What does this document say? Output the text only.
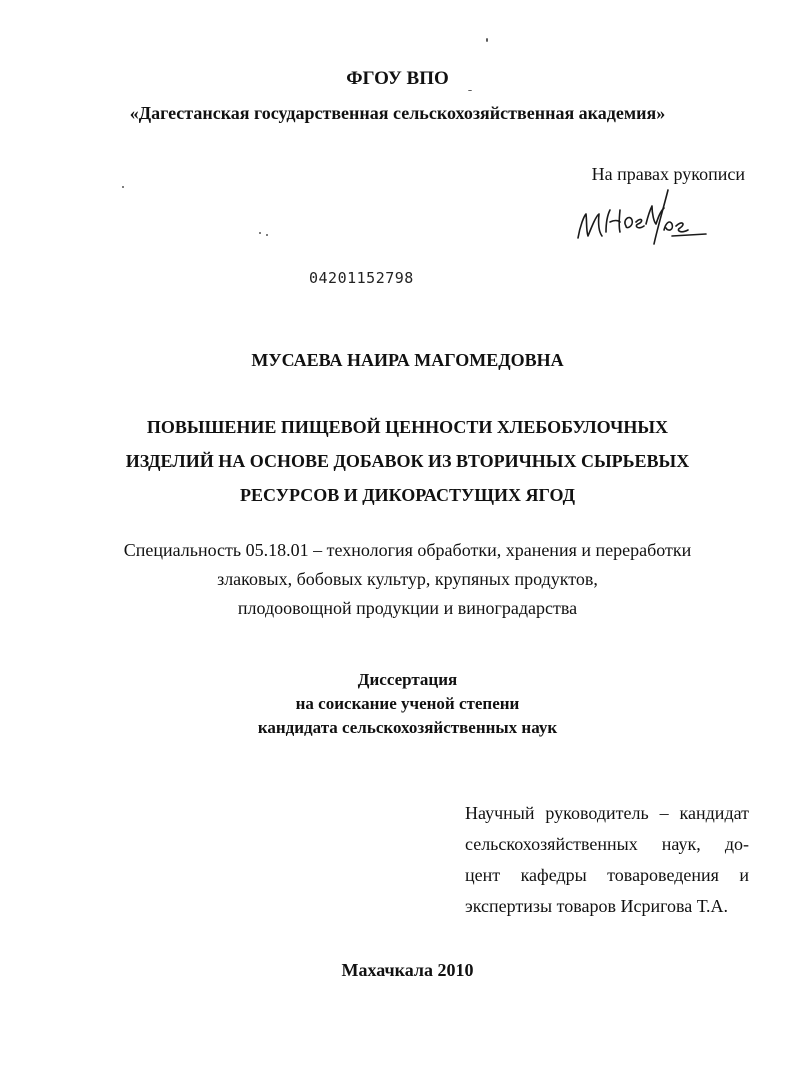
ФГОУ ВПО
«Дагестанская государственная сельскохозяйственная академия»
На правах рукописи
04201152798
МУСАЕВА НАИРА МАГОМЕДОВНА
ПОВЫШЕНИЕ ПИЩЕВОЙ ЦЕННОСТИ ХЛЕБОБУЛОЧНЫХ
ИЗДЕЛИЙ НА ОСНОВЕ ДОБАВОК ИЗ ВТОРИЧНЫХ СЫРЬЕВЫХ
РЕСУРСОВ И ДИКОРАСТУЩИХ ЯГОД
Специальность 05.18.01 – технология обработки, хранения и переработки
злаковых, бобовых культур, крупяных продуктов,
плодоовощной продукции и виноградарства
Диссертация
на соискание ученой степени
кандидата сельскохозяйственных наук
Научный руководитель – кандидат
сельскохозяйственных наук, до-
цент кафедры товароведения и
экспертизы товаров Исригова Т.А.
Махачкала 2010
